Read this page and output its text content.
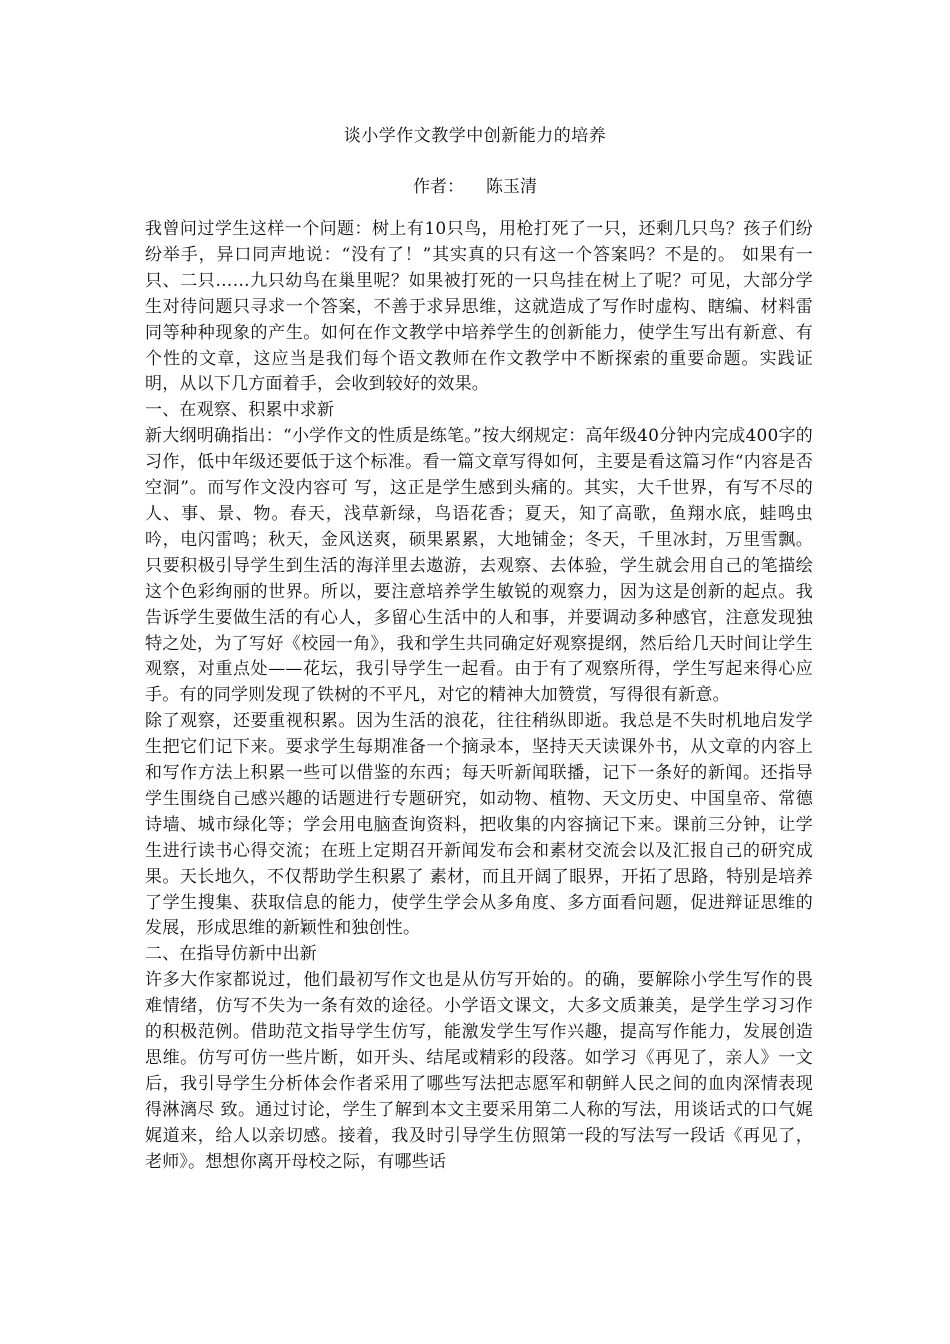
谈小学作文教学中创新能力的培养
作者： 陈玉清

我曾问过学生这样一个问题：树上有10只鸟，用枪打死了一只，还剩几只鸟？孩子们纷纷举手，异口同声地说：“没有了！”其实真的只有这一个答案吗？不是的。 如果有一只、二只……九只幼鸟在巢里呢？如果被打死的一只鸟挂在树上了呢？可见，大部分学生对待问题只寻求一个答案，不善于求异思维，这就造成了写作时虚构、瞎编、材料雷同等种种现象的产生。如何在作文教学中培养学生的创新能力，使学生写出有新意、有个性的文章，这应当是我们每个语文教师在作文教学中不断探索的重要命题。实践证明，从以下几方面着手，会收到较好的效果。

一、在观察、积累中求新

新大纲明确指出：“小学作文的性质是练笔。”按大纲规定：高年级40分钟内完成400字的习作，低中年级还要低于这个标准。看一篇文章写得如何，主要是看这篇习作“内容是否空洞”。而写作文没内容可 写，这正是学生感到头痛的。其实，大千世界，有写不尽的人、事、景、物。春天，浅草新绿，鸟语花香；夏天，知了高歌，鱼翔水底，蛙鸣虫吟，电闪雷鸣；秋天，金风送爽，硕果累累，大地铺金；冬天，千里冰封，万里雪飘。只要积极引导学生到生活的海洋里去遨游，去观察、去体验，学生就会用自己的笔描绘这个色彩绚丽的世界。所以，要注意培养学生敏锐的观察力，因为这是创新的起点。我告诉学生要做生活的有心人，多留心生活中的人和事，并要调动多种感官，注意发现独特之处，为了写好《校园一角》，我和学生共同确定好观察提纲，然后给几天时间让学生观察，对重点处——花坛，我引导学生一起看。由于有了观察所得，学生写起来得心应手。有的同学则发现了铁树的不平凡，对它的精神大加赞赏，写得很有新意。

除了观察，还要重视积累。因为生活的浪花，往往稍纵即逝。我总是不失时机地启发学生把它们记下来。要求学生每期准备一个摘录本，坚持天天读课外书，从文章的内容上和写作方法上积累一些可以借鉴的东西；每天听新闻联播，记下一条好的新闻。还指导学生围绕自己感兴趣的话题进行专题研究，如动物、植物、天文历史、中国皇帝、常德诗墙、城市绿化等；学会用电脑查询资料，把收集的内容摘记下来。课前三分钟，让学生进行读书心得交流；在班上定期召开新闻发布会和素材交流会以及汇报自己的研究成果。天长地久，不仅帮助学生积累了 素材，而且开阔了眼界，开拓了思路，特别是培养了学生搜集、获取信息的能力，使学生学会从多角度、多方面看问题，促进辩证思维的发展，形成思维的新颖性和独创性。

二、在指导仿新中出新

许多大作家都说过，他们最初写作文也是从仿写开始的。的确，要解除小学生写作的畏难情绪，仿写不失为一条有效的途径。小学语文课文，大多文质兼美，是学生学习习作的积极范例。借助范文指导学生仿写，能激发学生写作兴趣，提高写作能力，发展创造思维。仿写可仿一些片断，如开头、结尾或精彩的段落。如学习《再见了，亲人》一文后，我引导学生分析体会作者采用了哪些写法把志愿军和朝鲜人民之间的血肉深情表现得淋漓尽 致。通过讨论，学生了解到本文主要采用第二人称的写法，用谈话式的口气娓娓道来，给人以亲切感。接着，我及时引导学生仿照第一段的写法写一段话《再见了，老师》。想想你离开母校之际，有哪些话
